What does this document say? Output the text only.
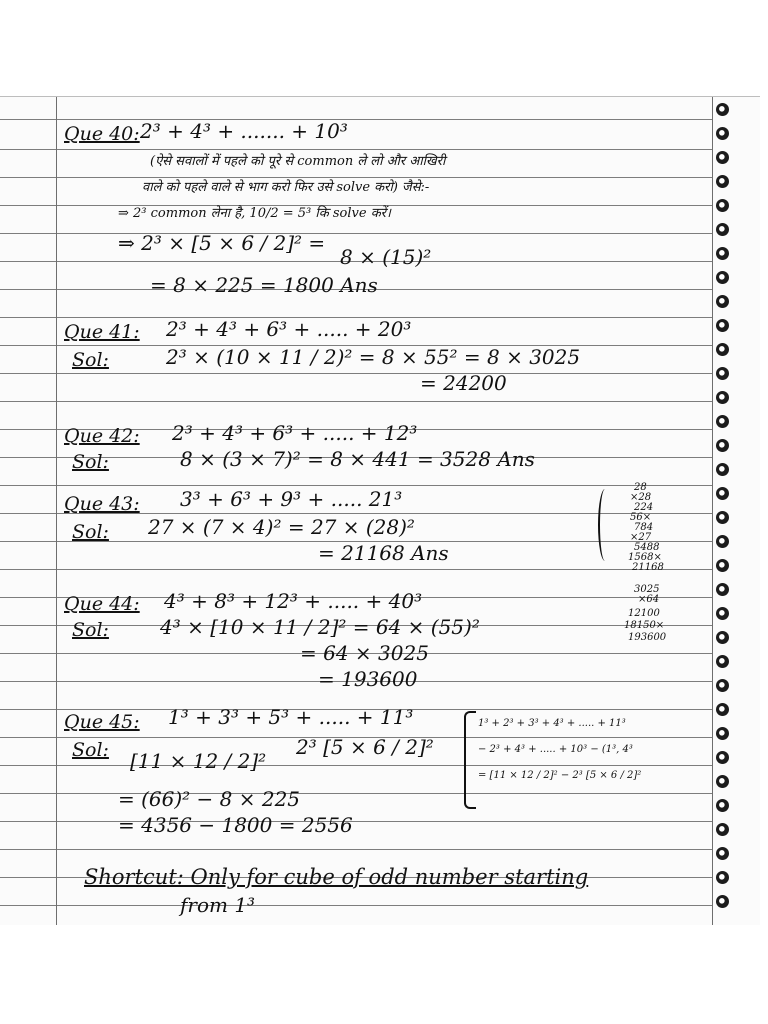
Que 40: 2³ + 4³ + ....... + 10³

(ऐसे सवालों में पहले को पूरे से common ले लो और आखिरी

वाले को पहले वाले से भाग करो फिर उसे solve करो) जैसे:-

⇒ 2³ common लेना है, 10/2 = 5³ कि solve करें।

⇒ 2³ × [5 × 6 / 2]² =

8 × (15)²

= 8 × 225 = 1800 Ans

Que 41: 2³ + 4³ + 6³ + ..... + 20³

Sol:	2³ × (10 × 11 / 2)² = 8 × 55² = 8 × 3025

= 24200

Que 42: 2³ + 4³ + 6³ + ..... + 12³

Sol:	8 × (3 × 7)² = 8 × 441 = 3528 Ans

Que 43: 3³ + 6³ + 9³ + ..... 21³

Sol: 27 × (7 × 4)² = 27 × (28)²

= 21168 Ans

28

×28

224

56×

784

×27

5488

1568×

21168

Que 44: 4³ + 8³ + 12³ + ..... + 40³

Sol:	4³ × [10 × 11 / 2]² = 64 × (55)²

= 64 × 3025

= 193600

3025

×64

12100

18150×

193600

Que 45: 1³ + 3³ + 5³ + ..... + 11³

Sol: [11 × 12 / 2]²

2³ [5 × 6 / 2]²

= (66)² − 8 × 225

= 4356 − 1800 = 2556

1³ + 2³ + 3³ + 4³ + ..... + 11³

− 2³ + 4³ + ..... + 10³ − (1³, 4³

= [11 × 12 / 2]² − 2³ [5 × 6 / 2]²

Shortcut: Only for cube of odd number starting

from 1³
